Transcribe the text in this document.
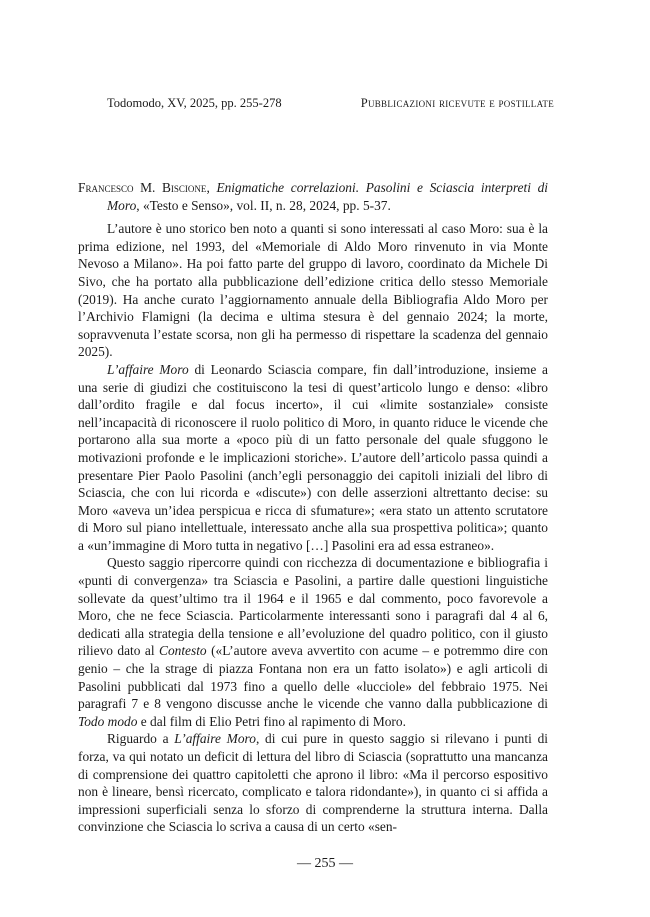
Todomodo, XV, 2025, pp. 255-278	Pubblicazioni ricevute e postillate

Francesco M. Biscione, Enigmatiche correlazioni. Pasolini e Sciascia interpreti di Moro, «Testo e Senso», vol. II, n. 28, 2024, pp. 5-37.

L’autore è uno storico ben noto a quanti si sono interessati al caso Moro: sua è la prima edizione, nel 1993, del «Memoriale di Aldo Moro rinvenuto in via Monte Nevoso a Milano». Ha poi fatto parte del gruppo di lavoro, coordinato da Michele Di Sivo, che ha portato alla pubblicazione dell’edizione critica dello stesso Memoriale (2019). Ha anche curato l’aggiornamento annuale della Bibliografia Aldo Moro per l’Archivio Flamigni (la decima e ultima stesura è del gennaio 2024; la morte, sopravvenuta l’estate scorsa, non gli ha permesso di rispettare la scadenza del gennaio 2025).

L’affaire Moro di Leonardo Sciascia compare, fin dall’introduzione, insieme a una serie di giudizi che costituiscono la tesi di quest’articolo lungo e denso: «libro dall’ordito fragile e dal focus incerto», il cui «limite sostanziale» consiste nell’incapacità di riconoscere il ruolo politico di Moro, in quanto riduce le vicende che portarono alla sua morte a «poco più di un fatto personale del quale sfuggono le motivazioni profonde e le implicazioni storiche». L’autore dell’articolo passa quindi a presentare Pier Paolo Pasolini (anch’egli personaggio dei capitoli iniziali del libro di Sciascia, che con lui ricorda e «discute») con delle asserzioni altrettanto decise: su Moro «aveva un’idea perspicua e ricca di sfumature»; «era stato un attento scrutatore di Moro sul piano intellettuale, interessato anche alla sua prospettiva politica»; quanto a «un’immagine di Moro tutta in negativo […] Pasolini era ad essa estraneo».

Questo saggio ripercorre quindi con ricchezza di documentazione e bibliografia i «punti di convergenza» tra Sciascia e Pasolini, a partire dalle questioni linguistiche sollevate da quest’ultimo tra il 1964 e il 1965 e dal commento, poco favorevole a Moro, che ne fece Sciascia. Particolarmente interessanti sono i paragrafi dal 4 al 6, dedicati alla strategia della tensione e all’evoluzione del quadro politico, con il giusto rilievo dato al Contesto («L’autore aveva avvertito con acume – e potremmo dire con genio – che la strage di piazza Fontana non era un fatto isolato») e agli articoli di Pasolini pubblicati dal 1973 fino a quello delle «lucciole» del febbraio 1975. Nei paragrafi 7 e 8 vengono discusse anche le vicende che vanno dalla pubblicazione di Todo modo e dal film di Elio Petri fino al rapimento di Moro.

Riguardo a L’affaire Moro, di cui pure in questo saggio si rilevano i punti di forza, va qui notato un deficit di lettura del libro di Sciascia (soprattutto una mancanza di comprensione dei quattro capitoletti che aprono il libro: «Ma il percorso espositivo non è lineare, bensì ricercato, complicato e talora ridondante»), in quanto ci si affida a impressioni superficiali senza lo sforzo di comprenderne la struttura interna. Dalla convinzione che Sciascia lo scriva a causa di un certo «sen-

— 255 —
